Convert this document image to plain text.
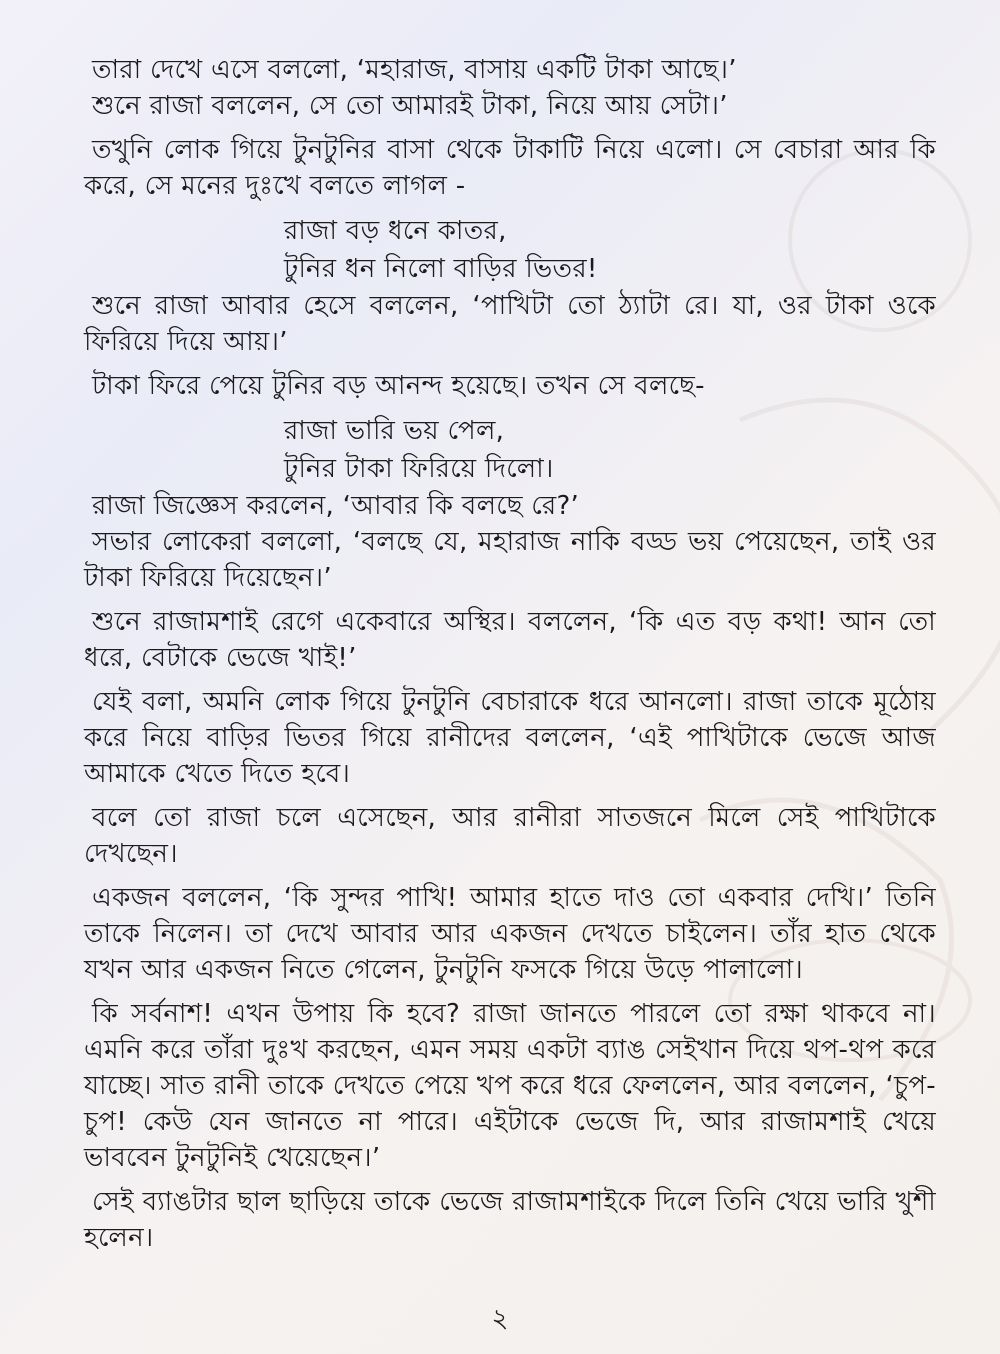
তারা দেখে এসে বললো, ‘মহারাজ, বাসায় একটি টাকা আছে।’

শুনে রাজা বললেন, সে তো আমারই টাকা, নিয়ে আয় সেটা।’

তখুনি লোক গিয়ে টুনটুনির বাসা থেকে টাকাটি নিয়ে এলো। সে বেচারা আর কি করে, সে মনের দুঃখে বলতে লাগল -

রাজা বড় ধনে কাতর,
টুনির ধন নিলো বাড়ির ভিতর!

শুনে রাজা আবার হেসে বললেন, ‘পাখিটা তো ঠ্যাটা রে। যা, ওর টাকা ওকে ফিরিয়ে দিয়ে আয়।’

টাকা ফিরে পেয়ে টুনির বড় আনন্দ হয়েছে। তখন সে বলছে-

রাজা ভারি ভয় পেল,
টুনির টাকা ফিরিয়ে দিলো।

রাজা জিজ্ঞেস করলেন, ‘আবার কি বলছে রে?’

সভার লোকেরা বললো, ‘বলছে যে, মহারাজ নাকি বড্ড ভয় পেয়েছেন, তাই ওর টাকা ফিরিয়ে দিয়েছেন।’

শুনে রাজামশাই রেগে একেবারে অস্থির। বললেন, ‘কি এত বড় কথা! আন তো ধরে, বেটাকে ভেজে খাই!’

যেই বলা, অমনি লোক গিয়ে টুনটুনি বেচারাকে ধরে আনলো। রাজা তাকে মূঠোয় করে নিয়ে বাড়ির ভিতর গিয়ে রানীদের বললেন, ‘এই পাখিটাকে ভেজে আজ আমাকে খেতে দিতে হবে।

বলে তো রাজা চলে এসেছেন, আর রানীরা সাতজনে মিলে সেই পাখিটাকে দেখছেন।

একজন বললেন, ‘কি সুন্দর পাখি! আমার হাতে দাও তো একবার দেখি।’ তিনি তাকে নিলেন। তা দেখে আবার আর একজন দেখতে চাইলেন। তাঁর হাত থেকে যখন আর একজন নিতে গেলেন, টুনটুনি ফসকে গিয়ে উড়ে পালালো।

কি সর্বনাশ! এখন উপায় কি হবে? রাজা জানতে পারলে তো রক্ষা থাকবে না। এমনি করে তাঁরা দুঃখ করছেন, এমন সময় একটা ব্যাঙ সেইখান দিয়ে থপ-থপ করে যাচ্ছে। সাত রানী তাকে দেখতে পেয়ে খপ করে ধরে ফেললেন, আর বললেন, ‘চুপ-চুপ! কেউ যেন জানতে না পারে। এইটাকে ভেজে দি, আর রাজামশাই খেয়ে ভাববেন টুনটুনিই খেয়েছেন।’

সেই ব্যাঙটার ছাল ছাড়িয়ে তাকে ভেজে রাজামশাইকে দিলে তিনি খেয়ে ভারি খুশী হলেন।

২
